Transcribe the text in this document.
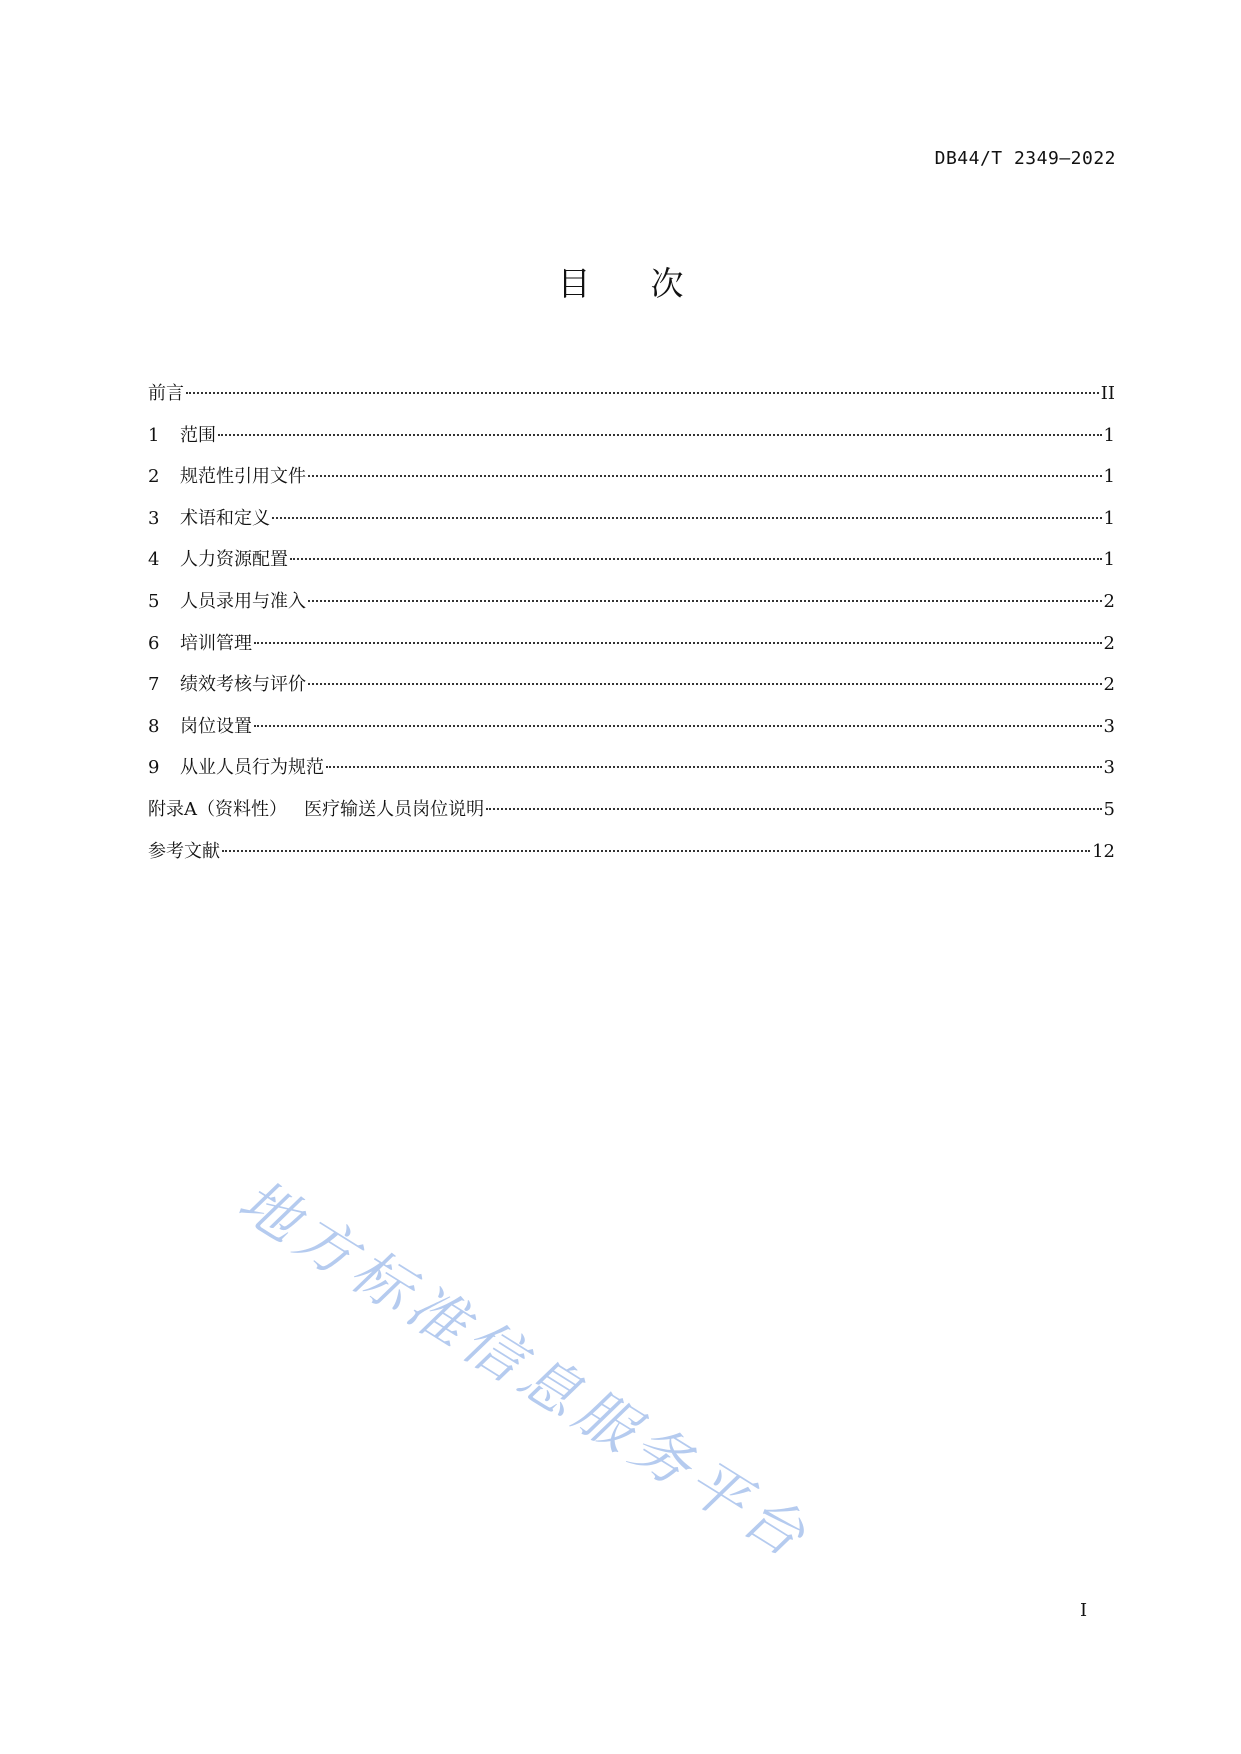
DB44/T 2349—2022
目次
前言	II
1	范围	1
2	规范性引用文件	1
3	术语和定义	1
4	人力资源配置	1
5	人员录用与准入	2
6	培训管理	2
7	绩效考核与评价	2
8	岗位设置	3
9	从业人员行为规范	3
附录A（资料性）   医疗输送人员岗位说明	5
参考文献	12
地方标准信息服务平台
I
